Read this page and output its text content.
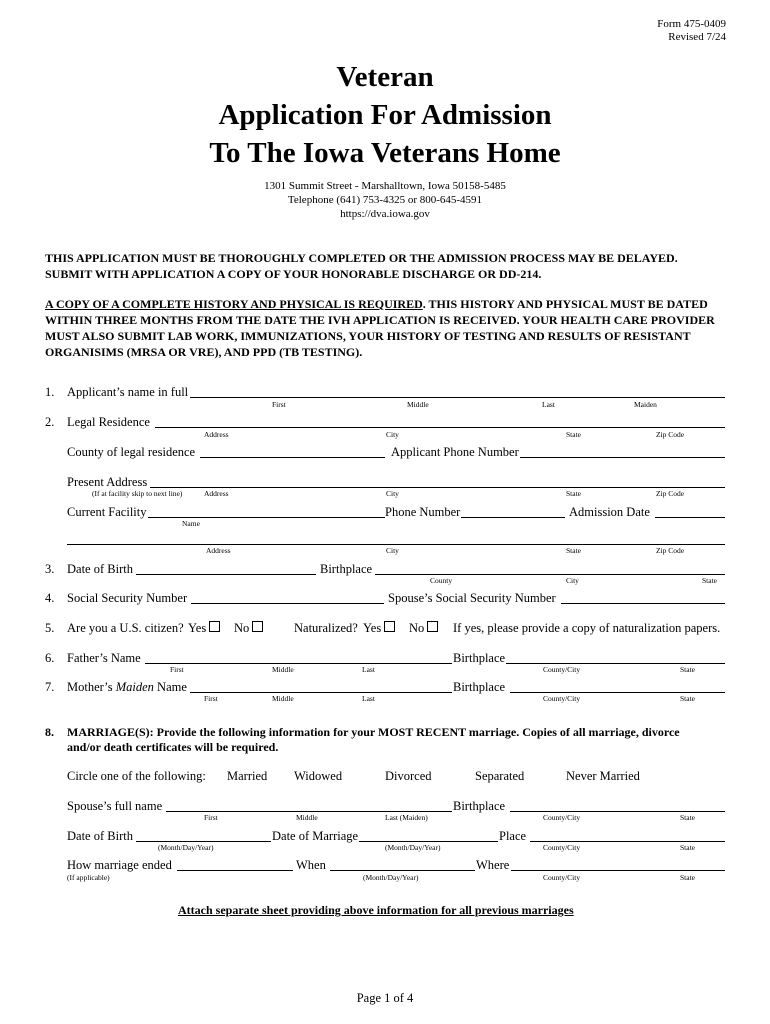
Form 475-0409
Revised 7/24
Veteran
Application For Admission
To The Iowa Veterans Home
1301 Summit Street - Marshalltown, Iowa 50158-5485
Telephone (641) 753-4325 or 800-645-4591
https://dva.iowa.gov
THIS APPLICATION MUST BE THOROUGHLY COMPLETED OR THE ADMISSION PROCESS MAY BE DELAYED.
SUBMIT WITH APPLICATION A COPY OF YOUR HONORABLE DISCHARGE OR DD-214.
A COPY OF A COMPLETE HISTORY AND PHYSICAL IS REQUIRED. THIS HISTORY AND PHYSICAL MUST BE DATED WITHIN THREE MONTHS FROM THE DATE THE IVH APPLICATION IS RECEIVED. YOUR HEALTH CARE PROVIDER MUST ALSO SUBMIT LAB WORK, IMMUNIZATIONS, YOUR HISTORY OF TESTING AND RESULTS OF RESISTANT ORGANISIMS (MRSA OR VRE), AND PPD (TB TESTING).
1. Applicant’s name in full
First	Middle	Last	Maiden
2. Legal Residence
Address	City	State	Zip Code
County of legal residence	Applicant Phone Number
Present Address
(If at facility skip to next line)	Address	City	State	Zip Code
Current Facility
Name
Phone Number	Admission Date
Address	City	State	Zip Code
3. Date of Birth	Birthplace
County	City	State
4. Social Security Number	Spouse’s Social Security Number
5. Are you a U.S. citizen? Yes	No	Naturalized? Yes	No	If yes, please provide a copy of naturalization papers.
6. Father’s Name	Birthplace
First	Middle	Last	County/City	State
7. Mother’s Maiden Name	Birthplace
First	Middle	Last	County/City	State
8. MARRIAGE(S): Provide the following information for your MOST RECENT marriage. Copies of all marriage, divorce
and/or death certificates will be required.
Circle one of the following: Married Widowed	Divorced	Separated	Never Married
Spouse’s full name	Birthplace
First	Middle	Last (Maiden)	County/City	State
Date of Birth	Date of Marriage	Place
(Month/Day/Year)	(Month/Day/Year)	County/City	State
How marriage ended	When	Where
(If applicable)	(Month/Day/Year)	County/City	State
Attach separate sheet providing above information for all previous marriages
Page 1 of 4
